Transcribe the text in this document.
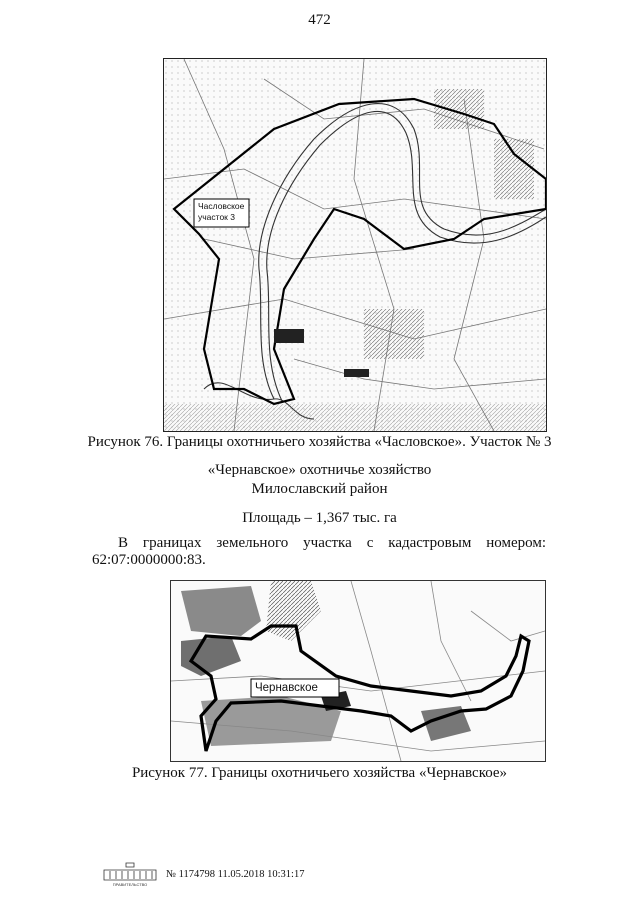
472
Часловское
участок 3
Рисунок 76. Границы охотничьего хозяйства «Часловское». Участок № 3
«Чернавское» охотничье хозяйство
Милославский район
Площадь – 1,367 тыс. га
В границах земельного участка с кадастровым номером:
62:07:0000000:83.
Чернавское
Рисунок 77. Границы охотничьего хозяйства «Чернавское»
ПРАВИТЕЛЬСТВО
№ 1174798 11.05.2018 10:31:17
